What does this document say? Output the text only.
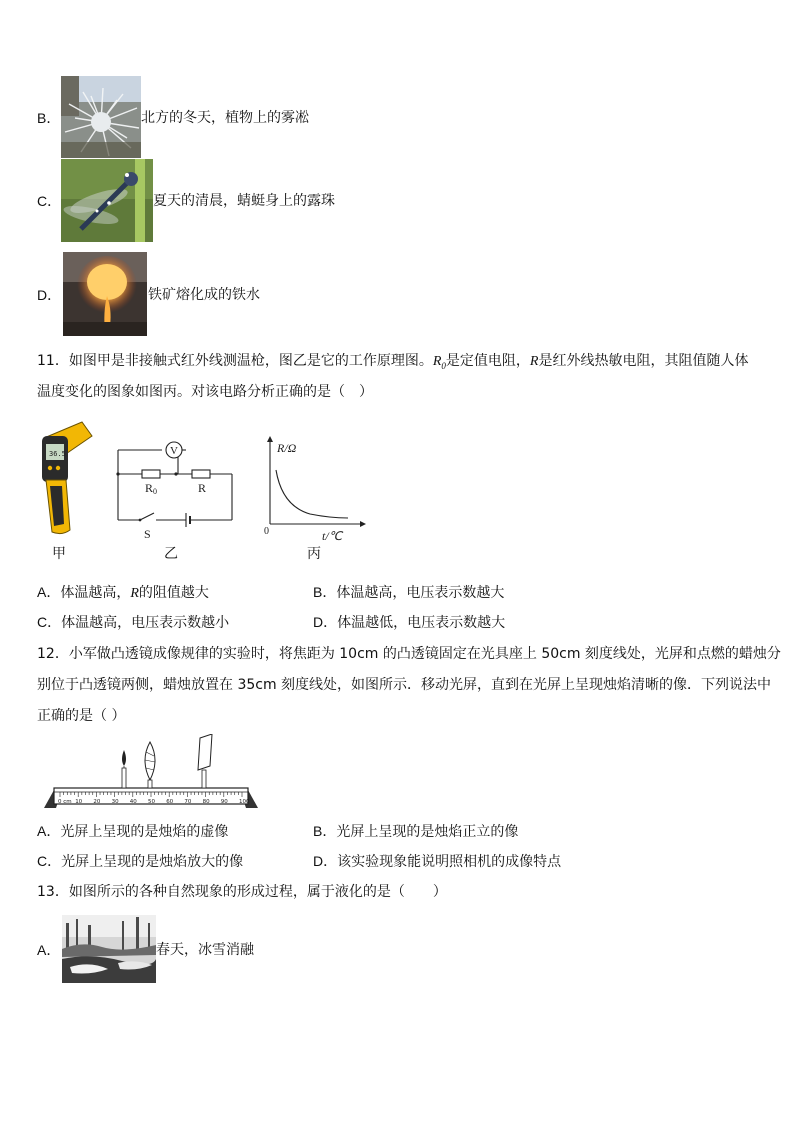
B．	北方的冬天，植物上的雾凇
C．	夏天的清晨，蜻蜓身上的露珠
D．	铁矿熔化成的铁水
11．如图甲是非接触式红外线测温枪，图乙是它的工作原理图。$R_0$是定值电阻，R是红外线热敏电阻，其阻值随人体
温度变化的图象如图丙。对该电路分析正确的是（　）
36.5
甲
V
R 0	R
S
乙
R/Ω
0	t/℃
丙
A．体温越高，R的阻值越大	B．体温越高，电压表示数越大
C．体温越高，电压表示数越小	D．体温越低，电压表示数越大
12．小军做凸透镜成像规律的实验时，将焦距为 10cm 的凸透镜固定在光具座上 50cm 刻度线处，光屏和点燃的蜡烛分
别位于凸透镜两侧，蜡烛放置在 35cm 刻度线处，如图所示．移动光屏，直到在光屏上呈现烛焰清晰的像．下列说法中
正确的是（ ）
0 cm 10 20 30 40 50 60 70 80 90 100
A．光屏上呈现的是烛焰的虚像	B．光屏上呈现的是烛焰正立的像
C．光屏上呈现的是烛焰放大的像	D．该实验现象能说明照相机的成像特点
13．如图所示的各种自然现象的形成过程，属于液化的是（　　）
A．	春天，冰雪消融
